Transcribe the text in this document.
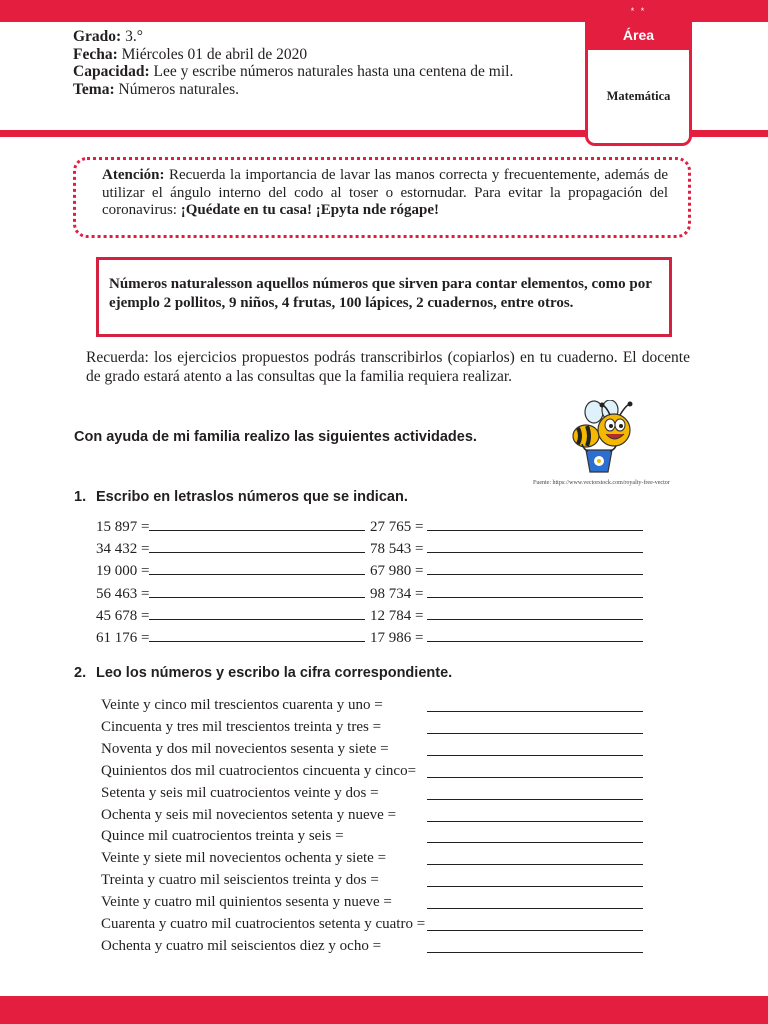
Grado: 3.°
Fecha: Miércoles 01 de abril de 2020
Capacidad: Lee y escribe números naturales hasta una centena de mil.
Tema: Números naturales.
* *
Área
Matemática
Atención: Recuerda la importancia de lavar las manos correcta y frecuentemente, además de utilizar el ángulo interno del codo al toser o estornudar. Para evitar la propagación del coronavirus: ¡Quédate en tu casa! ¡Epyta nde rógape!
Números naturalesson aquellos números que sirven para contar elementos, como por ejemplo 2 pollitos, 9 niños, 4 frutas, 100 lápices, 2 cuadernos, entre otros.
Recuerda: los ejercicios propuestos podrás transcribirlos (copiarlos) en tu cuaderno. El docente de grado estará atento a las consultas que la familia requiera realizar.
Con ayuda de mi familia realizo las siguientes actividades.
Fuente: https://www.vectorstock.com/royalty-free-vector
1. Escribo en letraslos números que se indican.
15 897 =	27 765 =
34 432 =	78 543 =
19 000 =	67 980 =
56 463 =	98 734 =
45 678 =	12 784 =
61 176 =	17 986 =
2. Leo los números y escribo la cifra correspondiente.
Veinte y cinco mil trescientos cuarenta y uno =
Cincuenta y tres mil trescientos treinta y tres =
Noventa y dos mil novecientos sesenta y siete =
Quinientos dos mil cuatrocientos cincuenta y cinco=
Setenta y seis mil cuatrocientos veinte y dos =
Ochenta y seis mil novecientos setenta y nueve =
Quince mil cuatrocientos treinta y seis =
Veinte y siete mil novecientos ochenta y siete =
Treinta y cuatro mil seiscientos treinta y dos =
Veinte y cuatro mil quinientos sesenta y nueve =
Cuarenta y cuatro mil cuatrocientos setenta y cuatro =
Ochenta y cuatro mil seiscientos diez y ocho =
